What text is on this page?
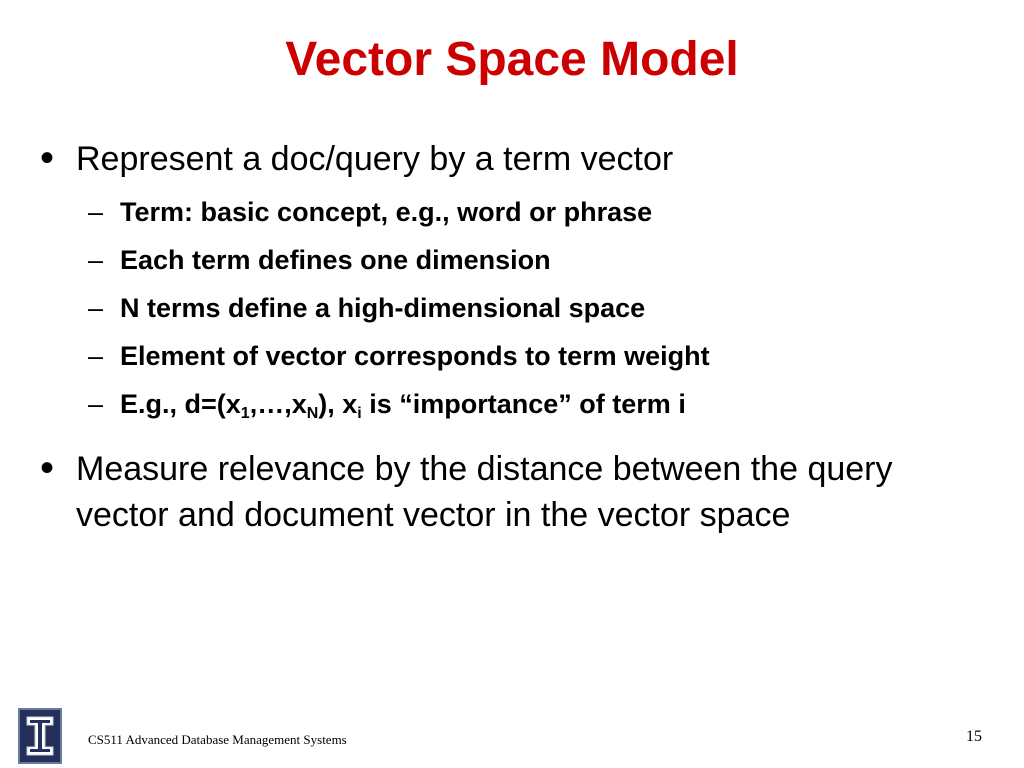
Vector Space Model
• Represent a doc/query by a term vector
– Term: basic concept, e.g., word or phrase
– Each term defines one dimension
– N terms define a high-dimensional space
– Element of vector corresponds to term weight
– E.g., $d=(x_1,\dots,x_N)$, $x_i$ is “importance” of term i
• Measure relevance by the distance between the query vector and document vector in the vector space
CS511 Advanced Database Management Systems	15
